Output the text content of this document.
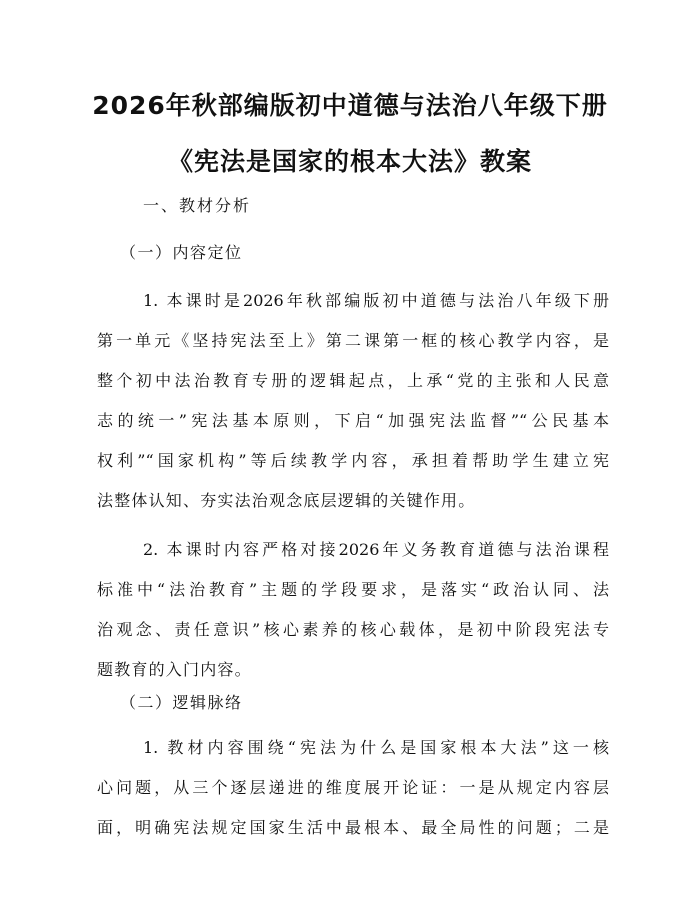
2026年秋部编版初中道德与法治八年级下册
《宪法是国家的根本大法》教案
一、教材分析
（一）内容定位
1. 本课时是2026年秋部编版初中道德与法治八年级下册
第一单元《坚持宪法至上》第二课第一框的核心教学内容，是
整个初中法治教育专册的逻辑起点，上承“党的主张和人民意
志的统一”宪法基本原则，下启“加强宪法监督”“公民基本
权利”“国家机构”等后续教学内容，承担着帮助学生建立宪
法整体认知、夯实法治观念底层逻辑的关键作用。
2. 本课时内容严格对接2026年义务教育道德与法治课程
标准中“法治教育”主题的学段要求，是落实“政治认同、法
治观念、责任意识”核心素养的核心载体，是初中阶段宪法专
（二）逻辑脉络
1. 教材内容围绕“宪法为什么是国家根本大法”这一核
心问题，从三个逐层递进的维度展开论证：一是从规定内容层
面，明确宪法规定国家生活中最根本、最全局性的问题；二是
题教育的入门内容。
